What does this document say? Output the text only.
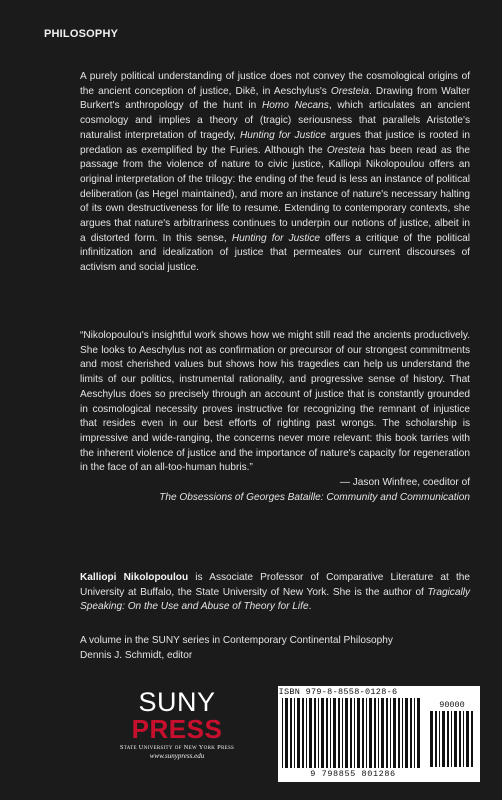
PHILOSOPHY

A purely political understanding of justice does not convey the cosmological origins of the ancient conception of justice, Dikē, in Aeschylus's Oresteia. Drawing from Walter Burkert's anthropology of the hunt in Homo Necans, which articulates an ancient cosmology and implies a theory of (tragic) seriousness that parallels Aristotle's naturalist interpretation of tragedy, Hunting for Justice argues that justice is rooted in predation as exemplified by the Furies. Although the Oresteia has been read as the passage from the violence of nature to civic justice, Kalliopi Nikolopoulou offers an original interpretation of the trilogy: the ending of the feud is less an instance of political deliberation (as Hegel maintained), and more an instance of nature's necessary halting of its own destructiveness for life to resume. Extending to contemporary contexts, she argues that nature's arbitrariness continues to underpin our notions of justice, albeit in a distorted form. In this sense, Hunting for Justice offers a critique of the political infinitization and idealization of justice that permeates our current discourses of activism and social justice.

“Nikolopoulou's insightful work shows how we might still read the ancients productively. She looks to Aeschylus not as confirmation or precursor of our strongest commitments and most cherished values but shows how his tragedies can help us understand the limits of our politics, instrumental rationality, and progressive sense of history. That Aeschylus does so precisely through an account of justice that is constantly grounded in cosmological necessity proves instructive for recognizing the remnant of injustice that resides even in our best efforts of righting past wrongs. The scholarship is impressive and wide-ranging, the concerns never more relevant: this book tarries with the inherent violence of justice and the importance of nature's capacity for regeneration in the face of an all-too-human hubris.”

— Jason Winfree, coeditor of
The Obsessions of Georges Bataille: Community and Communication

Kalliopi Nikolopoulou is Associate Professor of Comparative Literature at the University at Buffalo, the State University of New York. She is the author of Tragically Speaking: On the Use and Abuse of Theory for Life.
A volume in the SUNY series in Contemporary Continental Philosophy
Dennis J. Schmidt, editor
SUNY
PRESS
State University of New York Press
www.sunypress.edu
ISBN 979-8-8558-0128-6
90000
9 798855 801286
